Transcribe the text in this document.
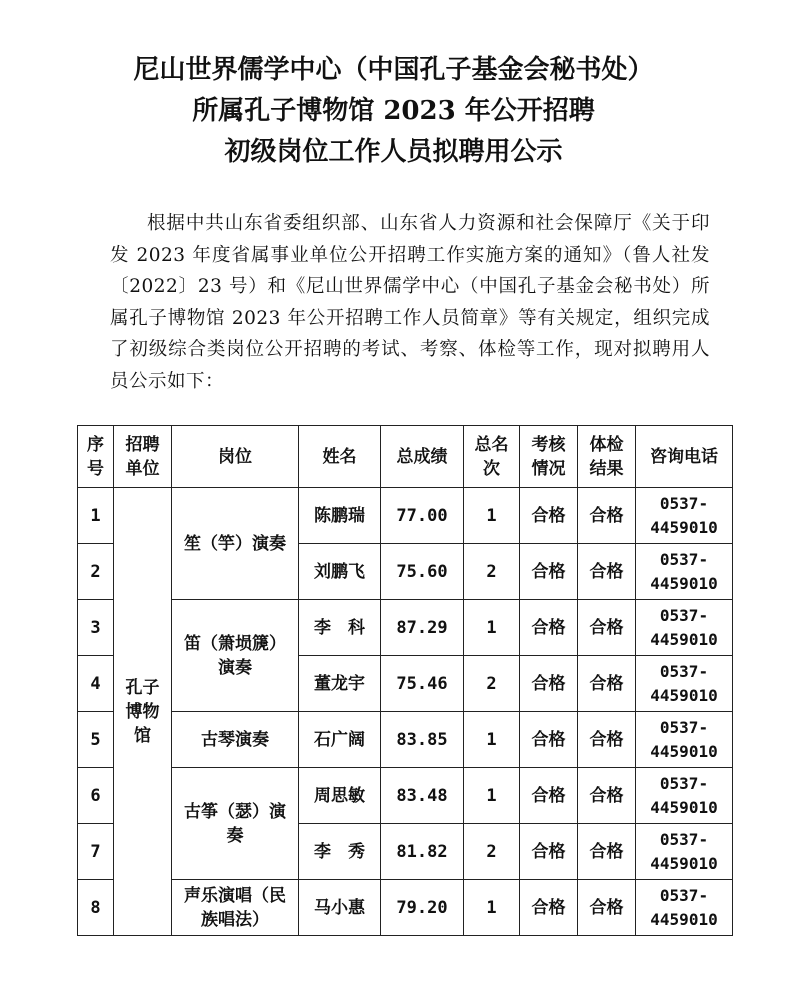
尼山世界儒学中心（中国孔子基金会秘书处）
所属孔子博物馆 2023 年公开招聘
初级岗位工作人员拟聘用公示
根据中共山东省委组织部、山东省人力资源和社会保障厅《关于印发 2023 年度省属事业单位公开招聘工作实施方案的通知》（鲁人社发〔2022〕23 号）和《尼山世界儒学中心（中国孔子基金会秘书处）所属孔子博物馆 2023 年公开招聘工作人员简章》等有关规定，组织完成了初级综合类岗位公开招聘的考试、考察、体检等工作，现对拟聘用人员公示如下：
序号	招聘单位	岗位	姓名	总成绩	总名次	考核情况	体检结果	咨询电话
1	孔子博物馆	笙（竽）演奏	陈鹏瑞	77.00	1	合格	合格	0537-4459010
2			刘鹏飞	75.60	2	合格	合格	0537-4459010
3		笛（箫埙篪）演奏	李　科	87.29	1	合格	合格	0537-4459010
4			董龙宇	75.46	2	合格	合格	0537-4459010
5		古琴演奏	石广阔	83.85	1	合格	合格	0537-4459010
6		古筝（瑟）演奏	周思敏	83.48	1	合格	合格	0537-4459010
7			李　秀	81.82	2	合格	合格	0537-4459010
8		声乐演唱（民族唱法）	马小惠	79.20	1	合格	合格	0537-4459010
